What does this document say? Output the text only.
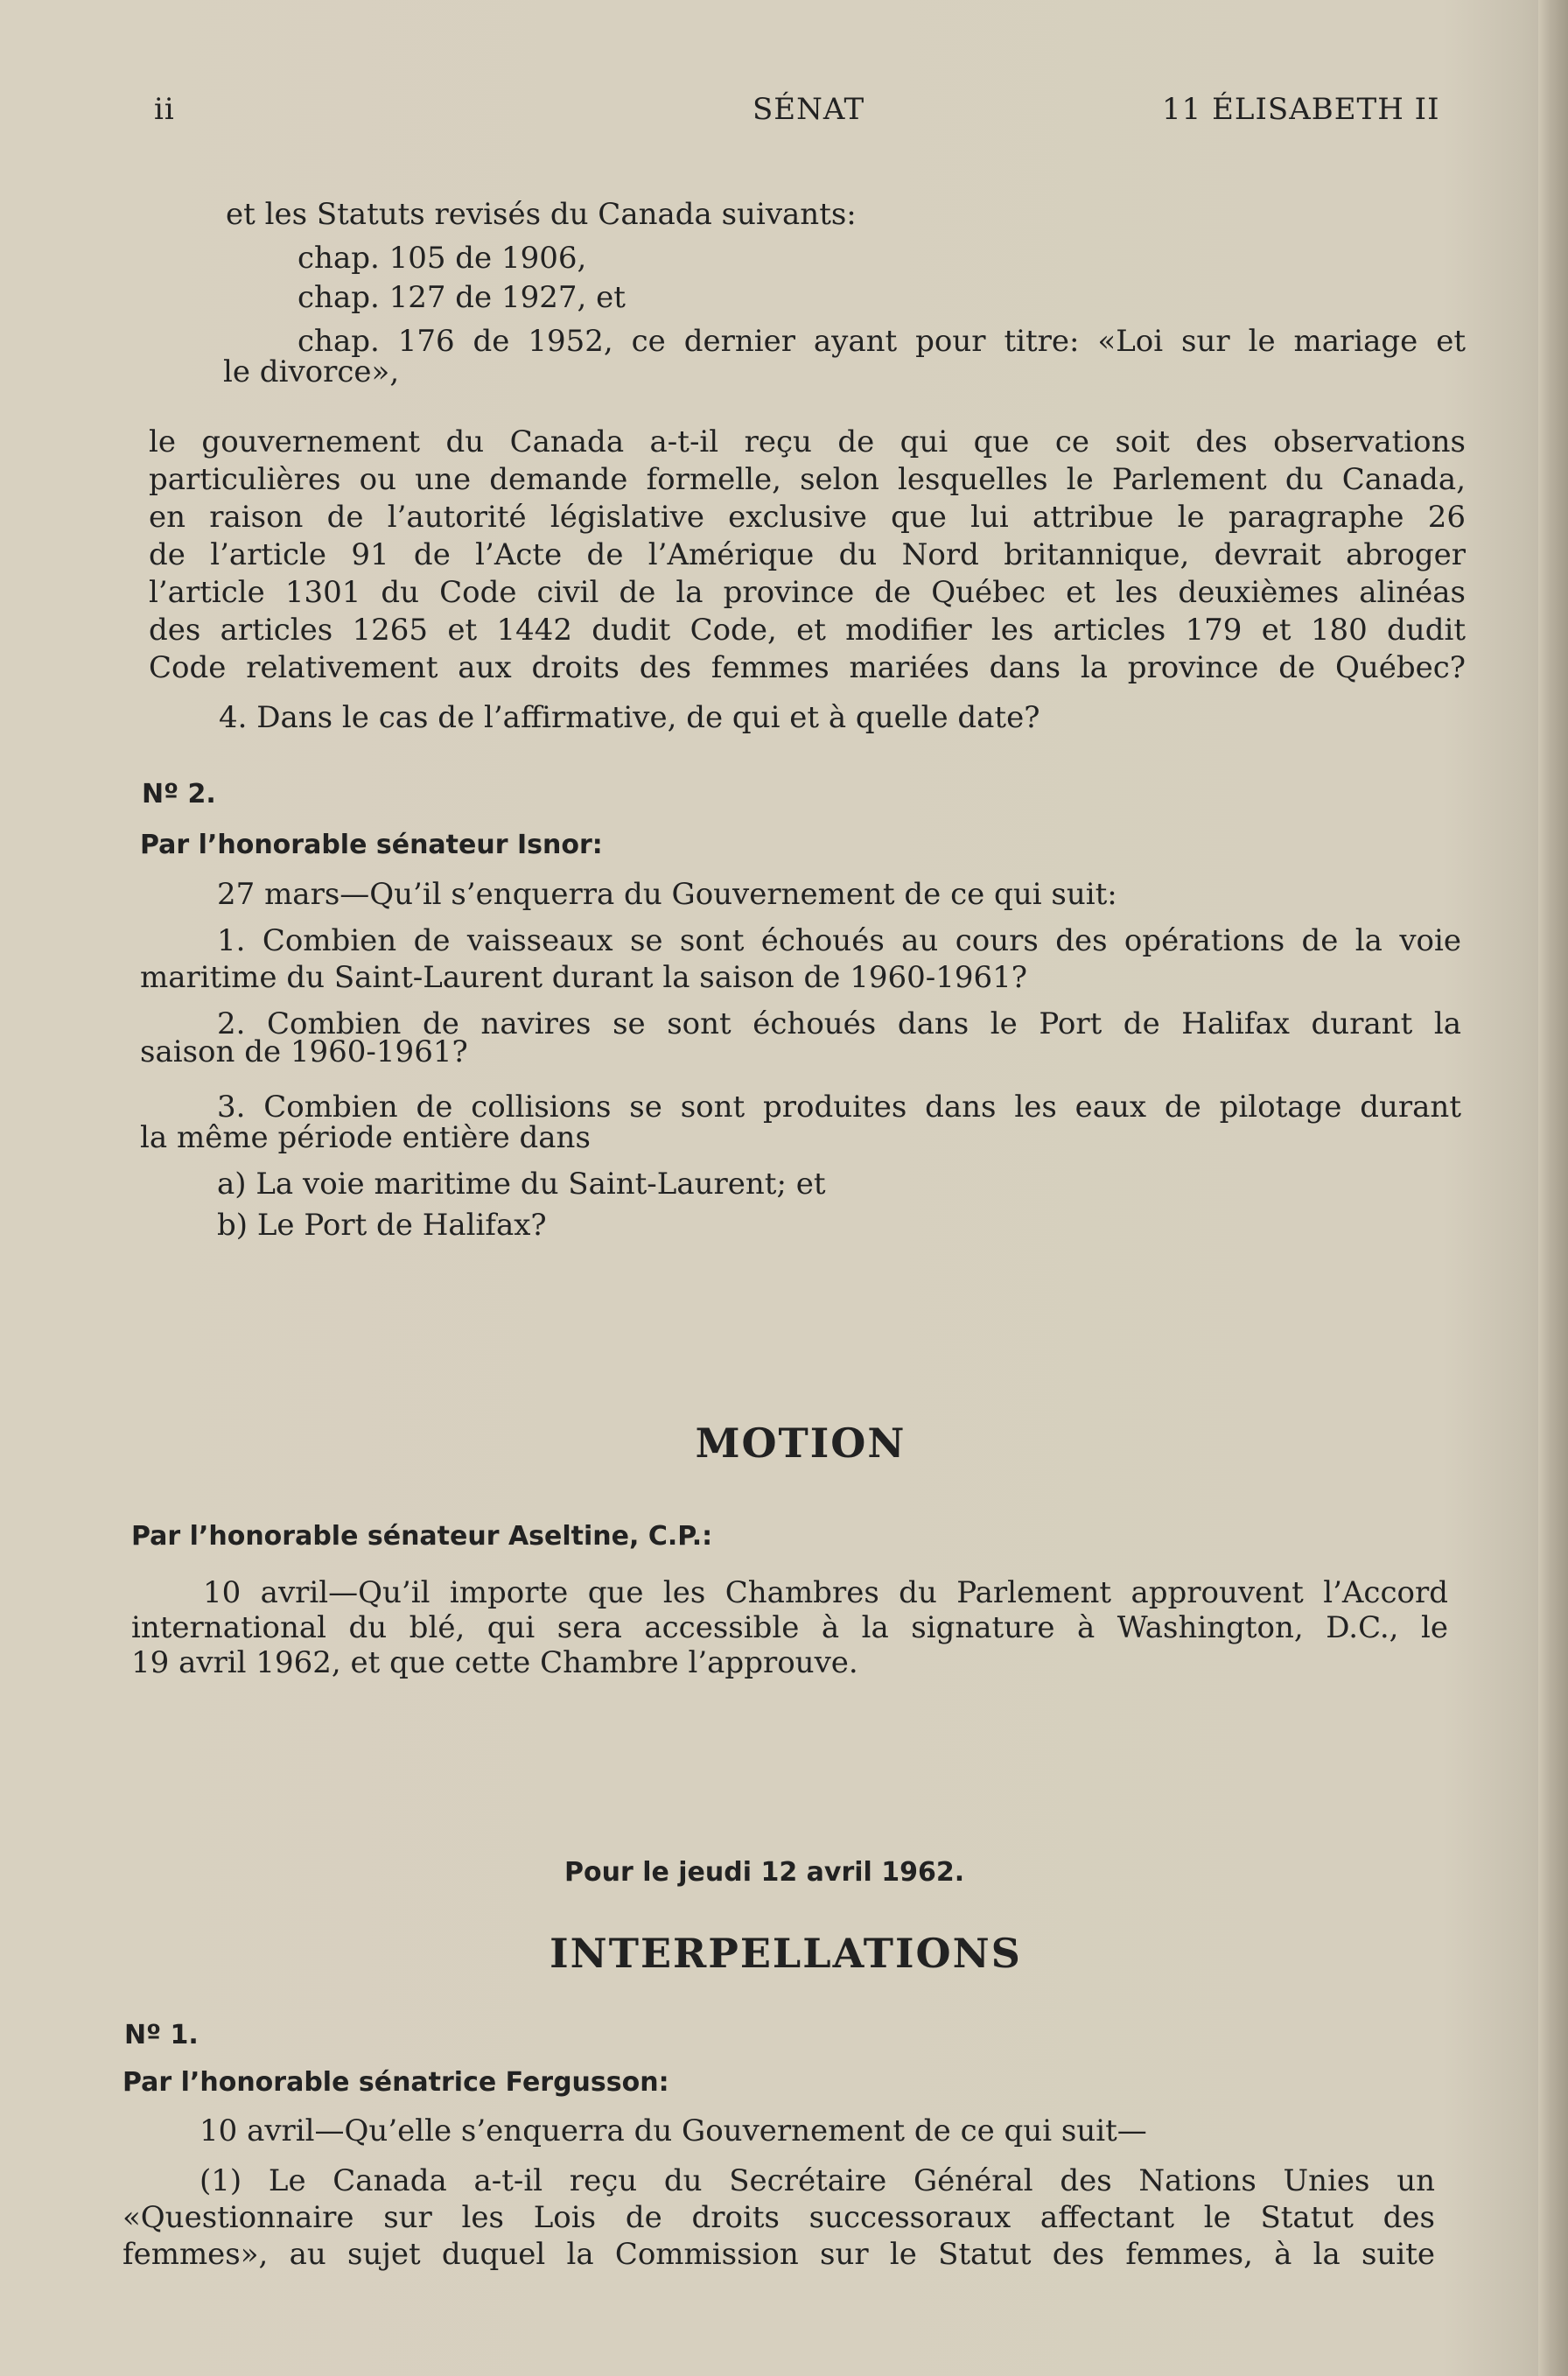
ii	SÉNAT	11 ÉLISABETH II
et les Statuts revisés du Canada suivants:
chap. 105 de 1906,
chap. 127 de 1927, et
chap. 176 de 1952, ce dernier ayant pour titre: «Loi sur le mariage et
le divorce»,
le gouvernement du Canada a-t-il reçu de qui que ce soit des observations
particulières ou une demande formelle, selon lesquelles le Parlement du Canada,
en raison de l’autorité législative exclusive que lui attribue le paragraphe 26
de l’article 91 de l’Acte de l’Amérique du Nord britannique, devrait abroger
l’article 1301 du Code civil de la province de Québec et les deuxièmes alinéas
des articles 1265 et 1442 dudit Code, et modifier les articles 179 et 180 dudit
Code relativement aux droits des femmes mariées dans la province de Québec?
4. Dans le cas de l’affirmative, de qui et à quelle date?
Nº 2.
Par l’honorable sénateur Isnor:
27 mars—Qu’il s’enquerra du Gouvernement de ce qui suit:
1. Combien de vaisseaux se sont échoués au cours des opérations de la voie
maritime du Saint-Laurent durant la saison de 1960-1961?
2. Combien de navires se sont échoués dans le Port de Halifax durant la
saison de 1960-1961?
3. Combien de collisions se sont produites dans les eaux de pilotage durant
la même période entière dans
a) La voie maritime du Saint-Laurent; et
b) Le Port de Halifax?
MOTION
Par l’honorable sénateur Aseltine, C.P.:
10 avril—Qu’il importe que les Chambres du Parlement approuvent l’Accord
international du blé, qui sera accessible à la signature à Washington, D.C., le
19 avril 1962, et que cette Chambre l’approuve.
Pour le jeudi 12 avril 1962.
INTERPELLATIONS
Nº 1.
Par l’honorable sénatrice Fergusson:
10 avril—Qu’elle s’enquerra du Gouvernement de ce qui suit—
(1) Le Canada a-t-il reçu du Secrétaire Général des Nations Unies un
«Questionnaire sur les Lois de droits successoraux affectant le Statut des
femmes», au sujet duquel la Commission sur le Statut des femmes, à la suite
